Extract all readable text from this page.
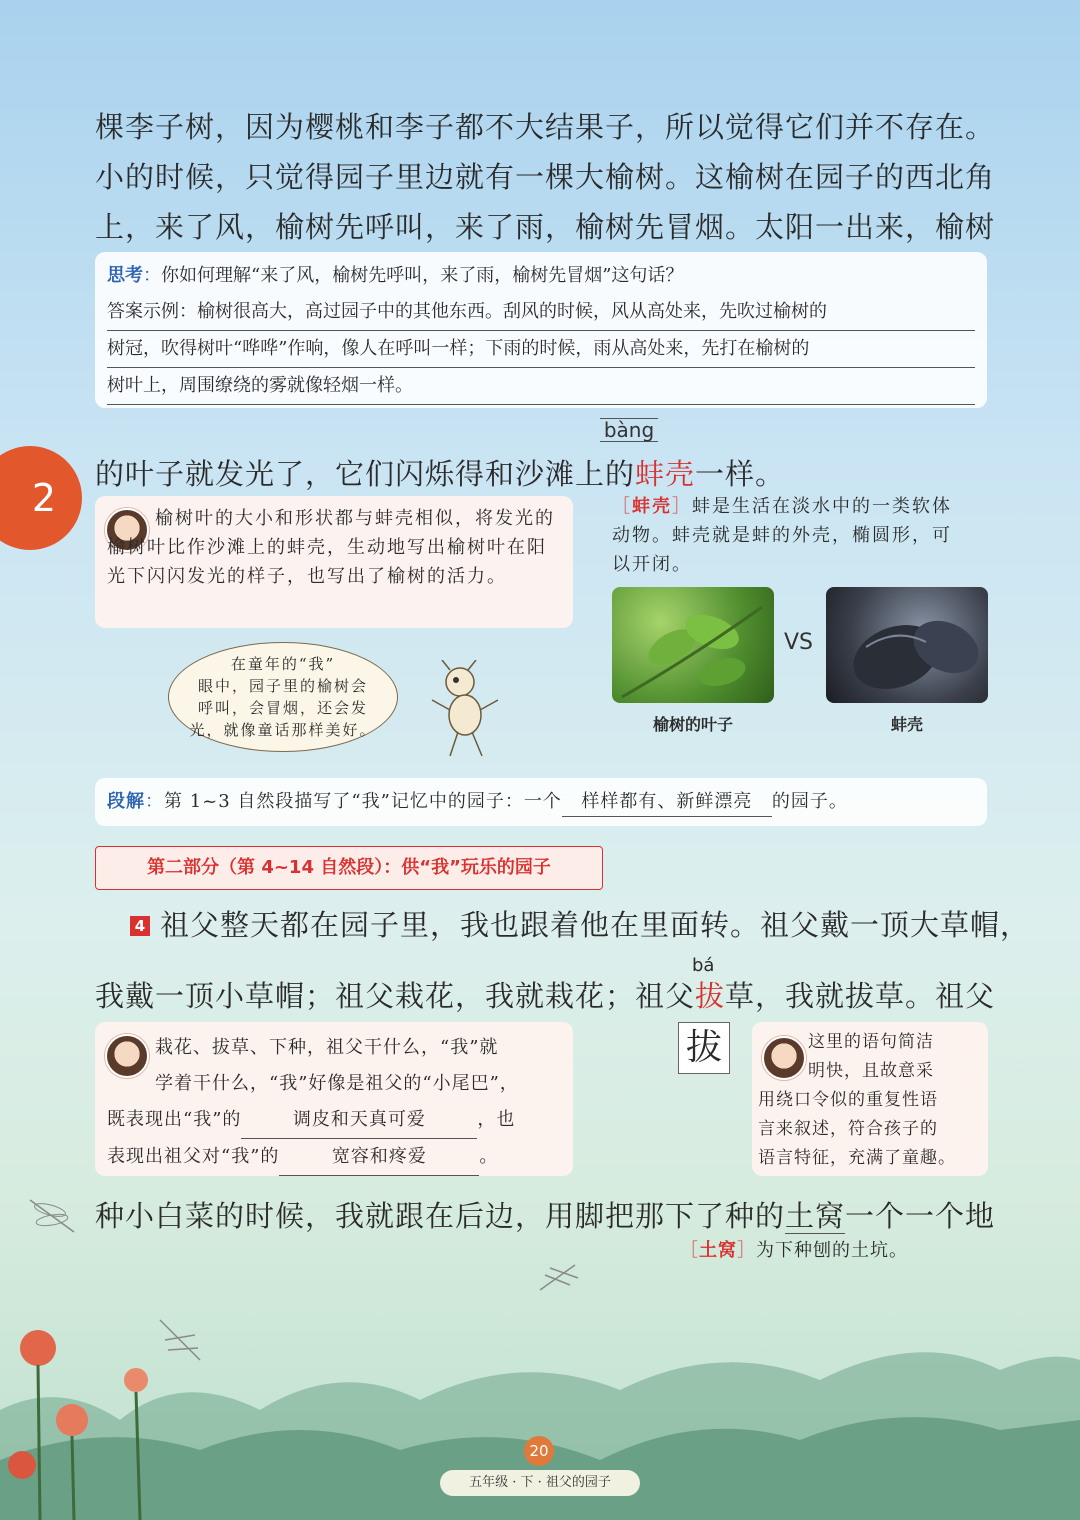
棵李子树，因为樱桃和李子都不大结果子，所以觉得它们并不存在。
小的时候，只觉得园子里边就有一棵大榆树。这榆树在园子的西北角
上，来了风，榆树先呼叫，来了雨，榆树先冒烟。太阳一出来，榆树
思考：你如何理解“来了风，榆树先呼叫，来了雨，榆树先冒烟”这句话？
答案示例：榆树很高大，高过园子中的其他东西。刮风的时候，风从高处来，先吹过榆树的
树冠，吹得树叶“哗哗”作响，像人在呼叫一样；下雨的时候，雨从高处来，先打在榆树的
树叶上，周围缭绕的雾就像轻烟一样。
2
bàng
的叶子就发光了，它们闪烁得和沙滩上的蚌壳一样。
榆树叶的大小和形状都与蚌壳相似，将发光的榆树叶比作沙滩上的蚌壳，生动地写出榆树叶在阳光下闪闪发光的样子，也写出了榆树的活力。
［蚌壳］蚌是生活在淡水中的一类软体
动物。蚌壳就是蚌的外壳，椭圆形，可
以开闭。
VS
榆树的叶子	蚌壳
在童年的“我”
眼中，园子里的榆树会
呼叫，会冒烟，还会发
光，就像童话那样美好。
段解：第 1~3 自然段描写了“我”记忆中的园子：一个 样样都有、新鲜漂亮 的园子。
第二部分（第 4~14 自然段）：供“我”玩乐的园子
4 祖父整天都在园子里，我也跟着他在里面转。祖父戴一顶大草帽，
bá
我戴一顶小草帽；祖父栽花，我就栽花；祖父拔草，我就拔草。祖父
栽花、拔草、下种，祖父干什么，“我”就
学着干什么，“我”好像是祖父的“小尾巴”，
既表现出“我”的	调皮和天真可爱	，也
表现出祖父对“我”的	宽容和疼爱	。
拔	这里的语句简洁
明快，且故意采
用绕口令似的重复性语
言来叙述，符合孩子的
语言特征，充满了童趣。
种小白菜的时候，我就跟在后边，用脚把那下了种的土窝一个一个地
［土窝］为下种刨的土坑。
20
五年级 · 下 · 祖父的园子
